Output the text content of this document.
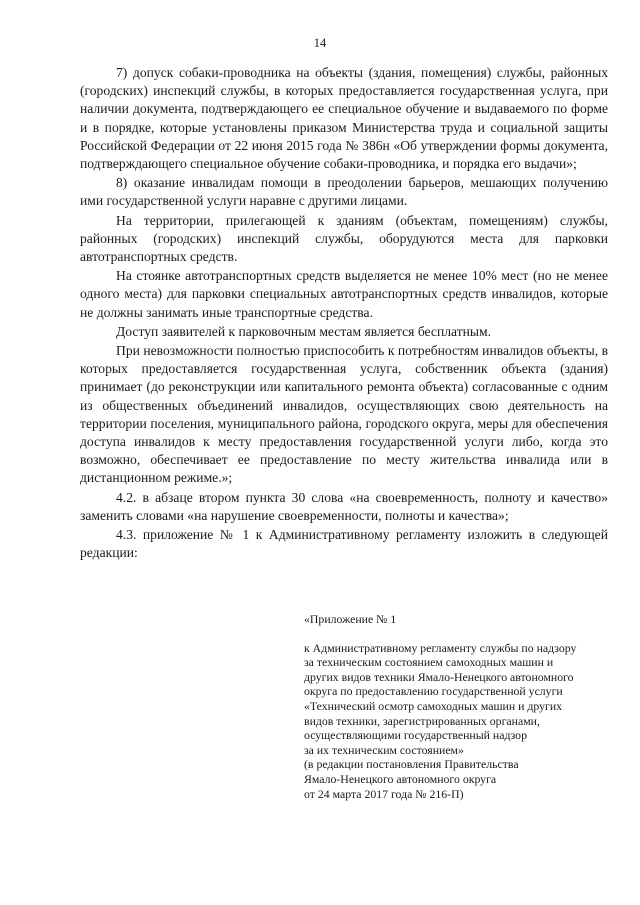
14

7) допуск собаки-проводника на объекты (здания, помещения) службы, районных (городских) инспекций службы, в которых предоставляется государственная услуга, при наличии документа, подтверждающего ее специальное обучение и выдаваемого по форме и в порядке, которые установлены приказом Министерства труда и социальной защиты Российской Федерации от 22 июня 2015 года № 386н «Об утверждении формы документа, подтверждающего специальное обучение собаки-проводника, и порядка его выдачи»;

8) оказание инвалидам помощи в преодолении барьеров, мешающих получению ими государственной услуги наравне с другими лицами.

На территории, прилегающей к зданиям (объектам, помещениям) службы, районных (городских) инспекций службы, оборудуются места для парковки автотранспортных средств.

На стоянке автотранспортных средств выделяется не менее 10% мест (но не менее одного места) для парковки специальных автотранспортных средств инвалидов, которые не должны занимать иные транспортные средства.

Доступ заявителей к парковочным местам является бесплатным.

При невозможности полностью приспособить к потребностям инвалидов объекты, в которых предоставляется государственная услуга, собственник объекта (здания) принимает (до реконструкции или капитального ремонта объекта) согласованные с одним из общественных объединений инвалидов, осуществляющих свою деятельность на территории поселения, муниципального района, городского округа, меры для обеспечения доступа инвалидов к месту предоставления государственной услуги либо, когда это возможно, обеспечивает ее предоставление по месту жительства инвалида или в дистанционном режиме.»;

4.2. в абзаце втором пункта 30 слова «на своевременность, полноту и качество» заменить словами «на нарушение своевременности, полноты и качества»;

4.3. приложение № 1 к Административному регламенту изложить в следующей редакции:

«Приложение № 1
к Административному регламенту службы по надзору
за техническим состоянием самоходных машин и
других видов техники Ямало-Ненецкого автономного
округа по предоставлению государственной услуги
«Технический осмотр самоходных машин и других
видов техники, зарегистрированных органами,
осуществляющими государственный надзор
за их техническим состоянием»
(в редакции постановления Правительства
Ямало-Ненецкого автономного округа
от 24 марта 2017 года № 216-П)
